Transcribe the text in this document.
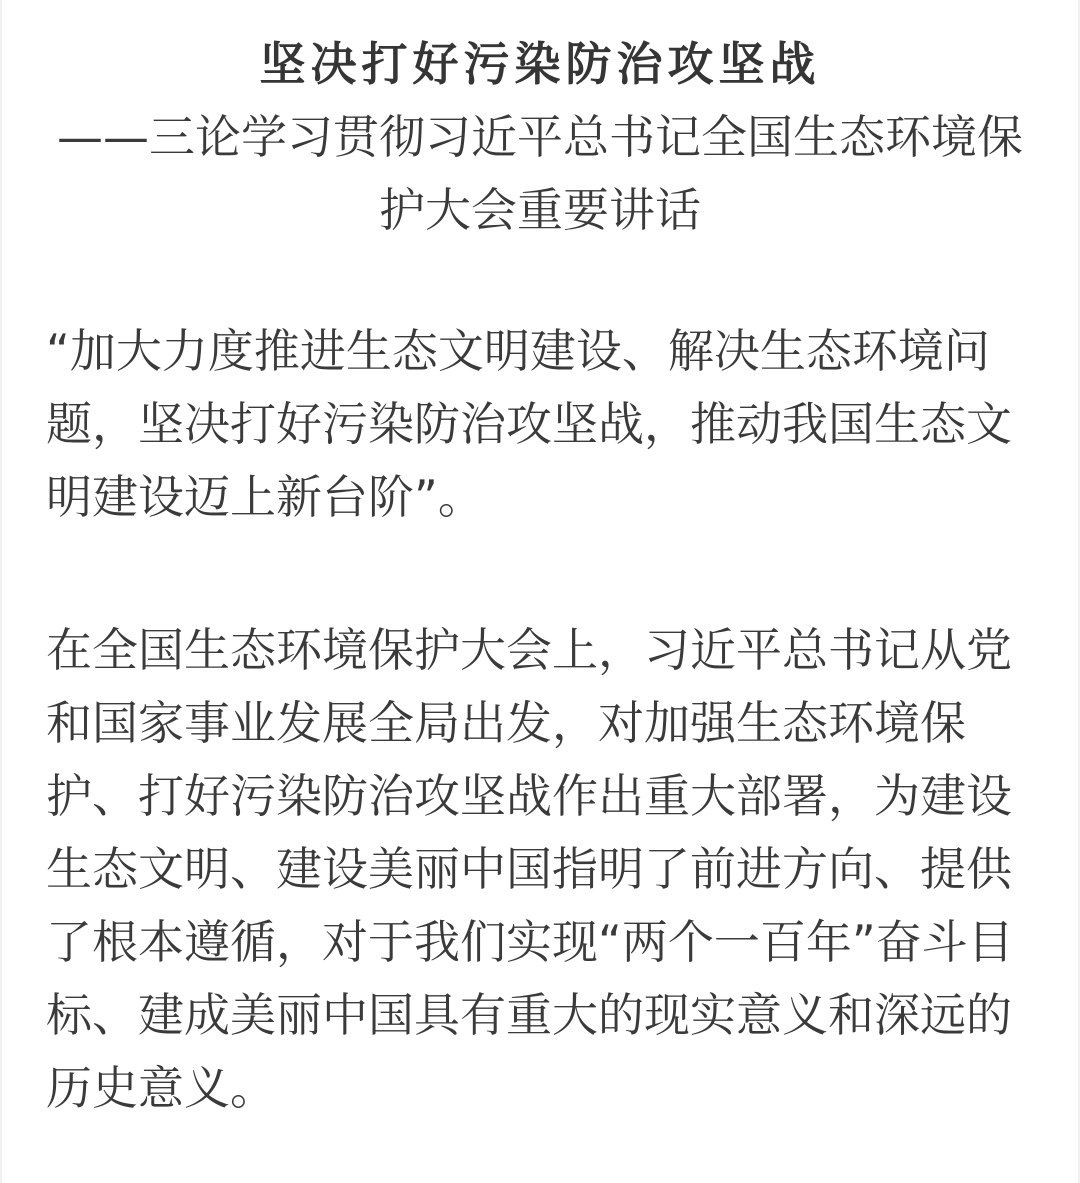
坚决打好污染防治攻坚战
——三论学习贯彻习近平总书记全国生态环境保护大会重要讲话

“加大力度推进生态文明建设、解决生态环境问题，坚决打好污染防治攻坚战，推动我国生态文明建设迈上新台阶”。

在全国生态环境保护大会上，习近平总书记从党和国家事业发展全局出发，对加强生态环境保护、打好污染防治攻坚战作出重大部署，为建设生态文明、建设美丽中国指明了前进方向、提供了根本遵循，对于我们实现“两个一百年”奋斗目标、建成美丽中国具有重大的现实意义和深远的历史意义。
